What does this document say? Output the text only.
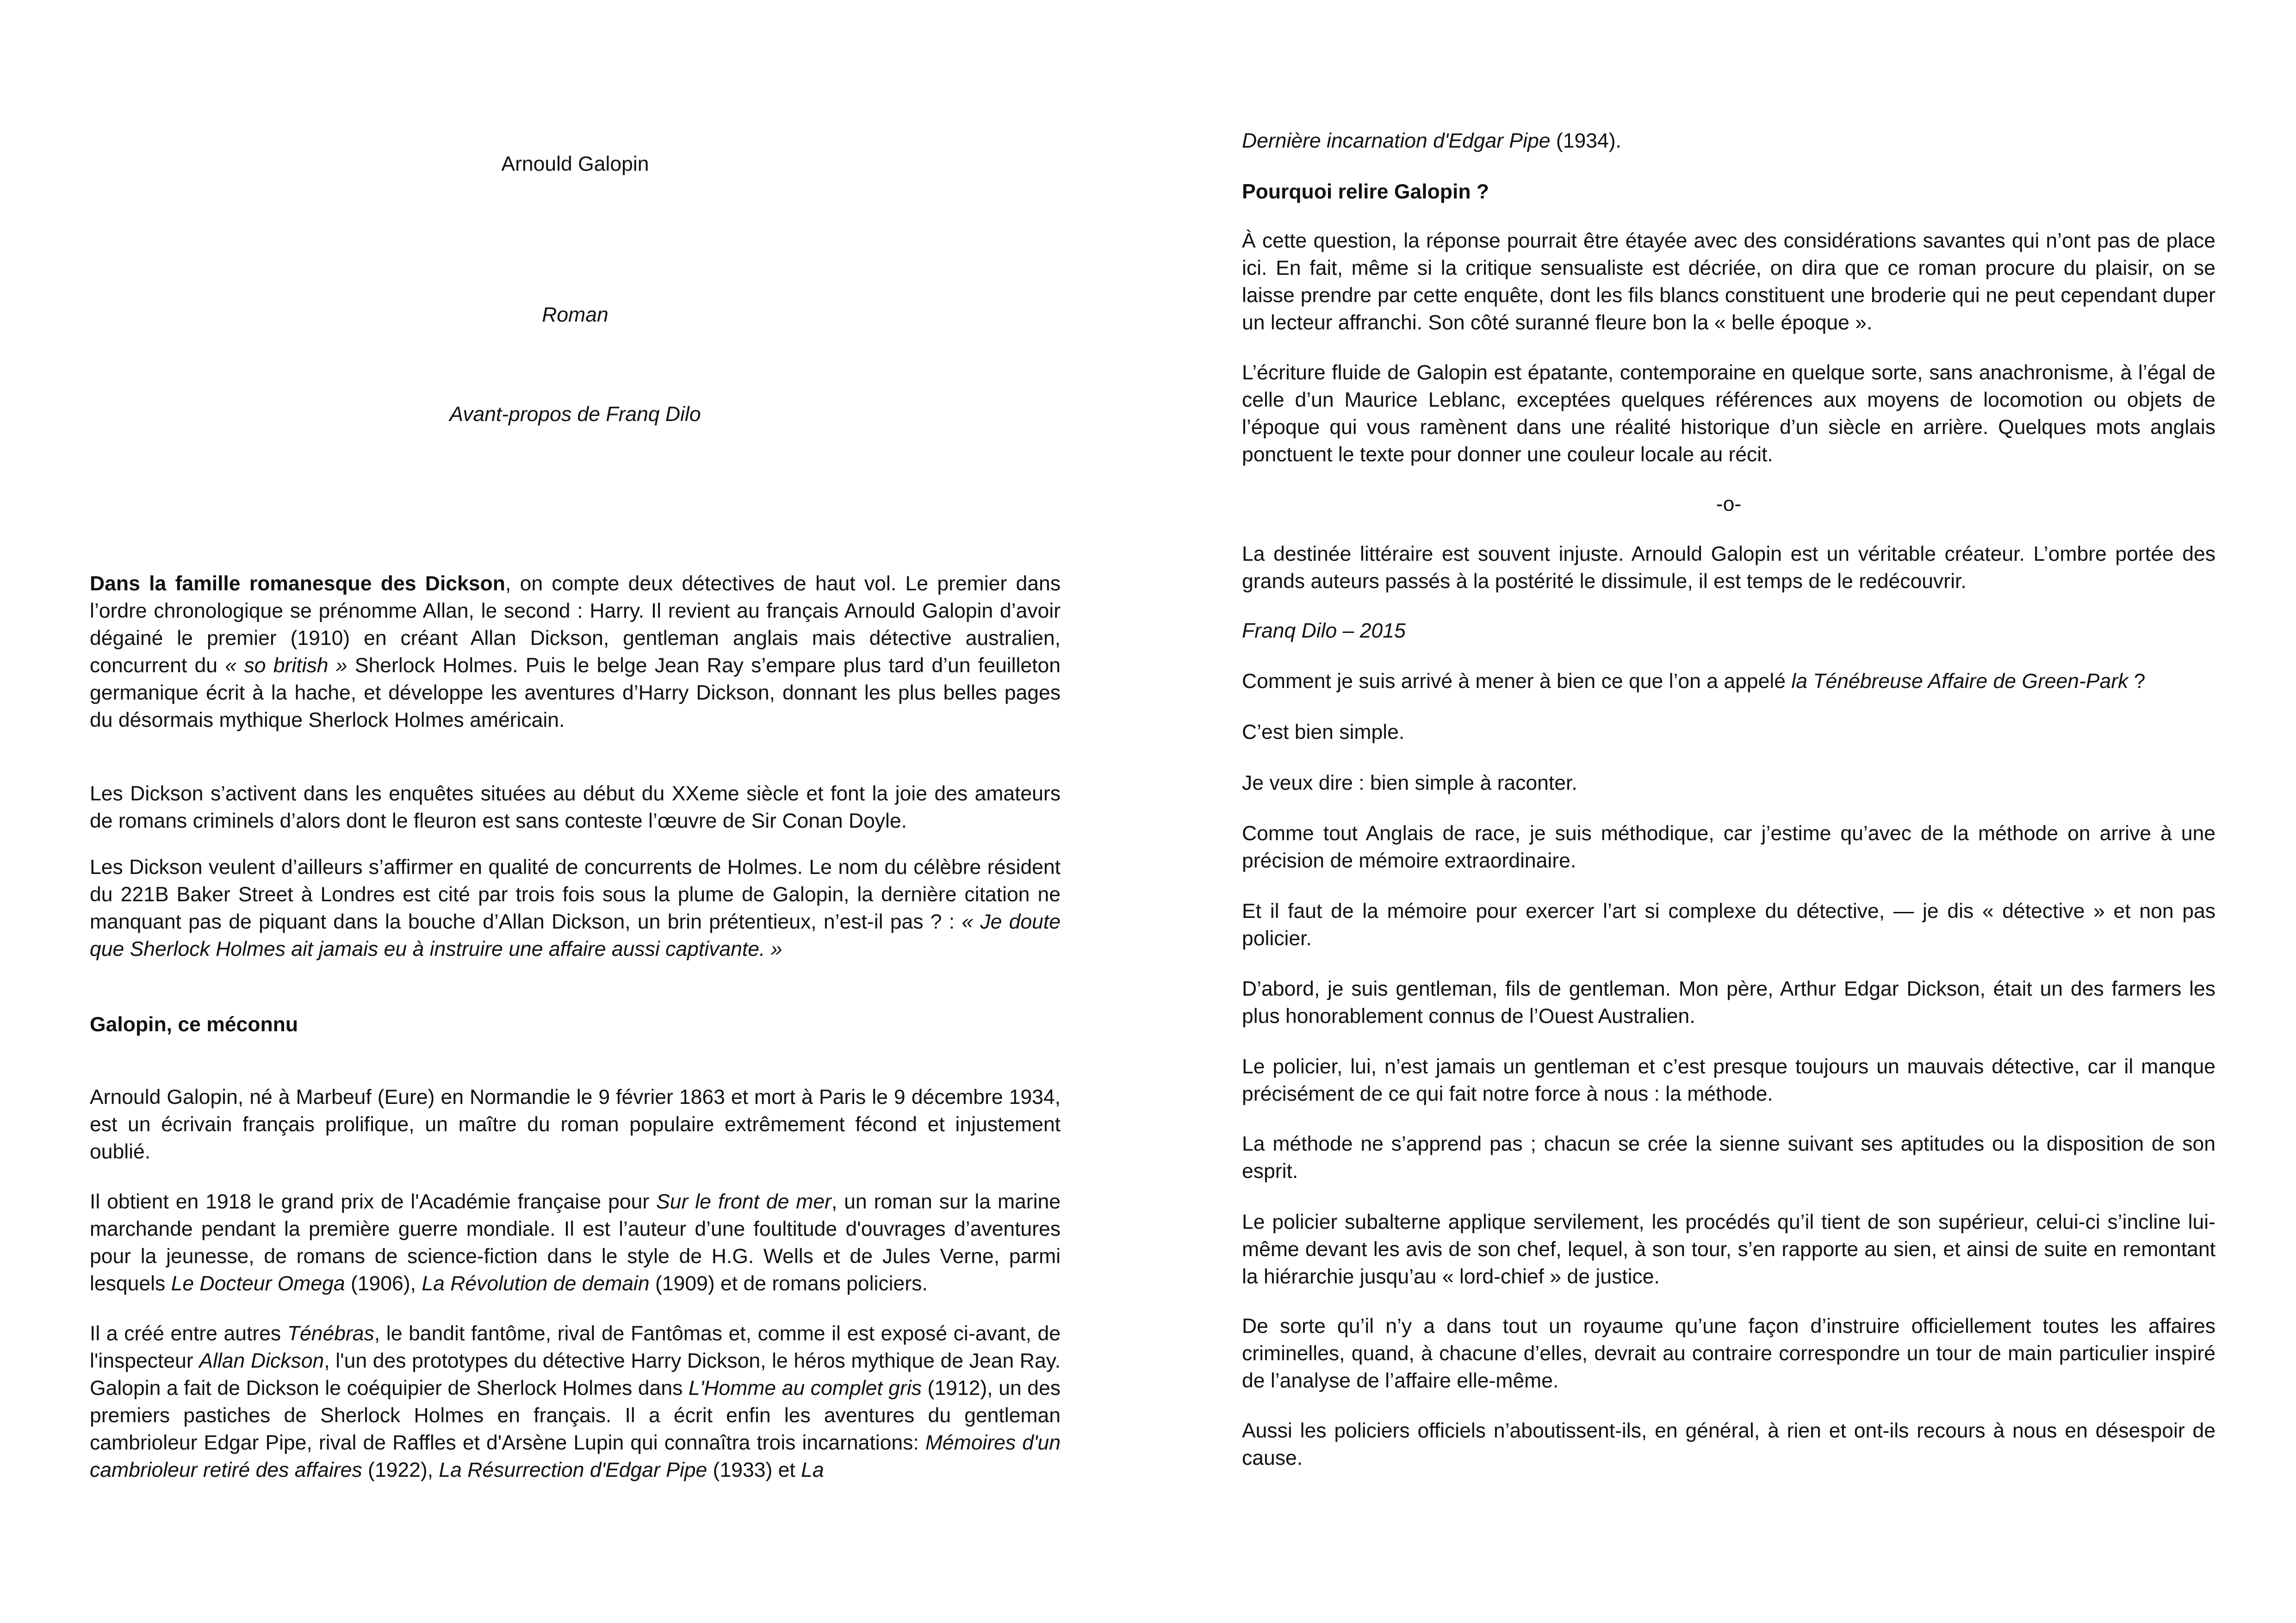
Arnould Galopin

Roman

Avant-propos de Franq Dilo

Dans la famille romanesque des Dickson, on compte deux détectives de haut vol. Le premier dans l’ordre chronologique se prénomme Allan, le second : Harry. Il revient au français Arnould Galopin d’avoir dégainé le premier (1910) en créant Allan Dickson, gentleman anglais mais détective australien, concurrent du « so british » Sherlock Holmes. Puis le belge Jean Ray s’empare plus tard d’un feuilleton germanique écrit à la hache, et développe les aventures d’Harry Dickson, donnant les plus belles pages du désormais mythique Sherlock Holmes américain.

Les Dickson s’activent dans les enquêtes situées au début du XXeme siècle et font la joie des amateurs de romans criminels d’alors dont le fleuron est sans conteste l’œuvre de Sir Conan Doyle.

Les Dickson veulent d’ailleurs s’affirmer en qualité de concurrents de Holmes. Le nom du célèbre résident du 221B Baker Street à Londres est cité par trois fois sous la plume de Galopin, la dernière citation ne manquant pas de piquant dans la bouche d’Allan Dickson, un brin prétentieux, n’est-il pas ? : « Je doute que Sherlock Holmes ait jamais eu à instruire une affaire aussi captivante. »

Galopin, ce méconnu

Arnould Galopin, né à Marbeuf (Eure) en Normandie le 9 février 1863 et mort à Paris le 9 décembre 1934, est un écrivain français prolifique, un maître du roman populaire extrêmement fécond et injustement oublié.

Il obtient en 1918 le grand prix de l'Académie française pour Sur le front de mer, un roman sur la marine marchande pendant la première guerre mondiale. Il est l’auteur d’une foultitude d'ouvrages d’aventures pour la jeunesse, de romans de science-fiction dans le style de H.G. Wells et de Jules Verne, parmi lesquels Le Docteur Omega (1906), La Révolution de demain (1909) et de romans policiers.

Il a créé entre autres Ténébras, le bandit fantôme, rival de Fantômas et, comme il est exposé ci-avant, de l'inspecteur Allan Dickson, l'un des prototypes du détective Harry Dickson, le héros mythique de Jean Ray. Galopin a fait de Dickson le coéquipier de Sherlock Holmes dans L'Homme au complet gris (1912), un des premiers pastiches de Sherlock Holmes en français. Il a écrit enfin les aventures du gentleman cambrioleur Edgar Pipe, rival de Raffles et d'Arsène Lupin qui connaîtra trois incarnations: Mémoires d'un cambrioleur retiré des affaires (1922), La Résurrection d'Edgar Pipe (1933) et La

Dernière incarnation d'Edgar Pipe (1934).

Pourquoi relire Galopin ?

À cette question, la réponse pourrait être étayée avec des considérations savantes qui n’ont pas de place ici. En fait, même si la critique sensualiste est décriée, on dira que ce roman procure du plaisir, on se laisse prendre par cette enquête, dont les fils blancs constituent une broderie qui ne peut cependant duper un lecteur affranchi. Son côté suranné fleure bon la « belle époque ».

L’écriture fluide de Galopin est épatante, contemporaine en quelque sorte, sans anachronisme, à l’égal de celle d’un Maurice Leblanc, exceptées quelques références aux moyens de locomotion ou objets de l’époque qui vous ramènent dans une réalité historique d’un siècle en arrière. Quelques mots anglais ponctuent le texte pour donner une couleur locale au récit.

-o-

La destinée littéraire est souvent injuste. Arnould Galopin est un véritable créateur. L’ombre portée des grands auteurs passés à la postérité le dissimule, il est temps de le redécouvrir.

Franq Dilo – 2015

Comment je suis arrivé à mener à bien ce que l’on a appelé la Ténébreuse Affaire de Green-Park ?

C’est bien simple.

Je veux dire : bien simple à raconter.

Comme tout Anglais de race, je suis méthodique, car j’estime qu’avec de la méthode on arrive à une précision de mémoire extraordinaire.

Et il faut de la mémoire pour exercer l’art si complexe du détective, — je dis « détective » et non pas policier.

D’abord, je suis gentleman, fils de gentleman. Mon père, Arthur Edgar Dickson, était un des farmers les plus honorablement connus de l’Ouest Australien.

Le policier, lui, n’est jamais un gentleman et c’est presque toujours un mauvais détective, car il manque précisément de ce qui fait notre force à nous : la méthode.

La méthode ne s’apprend pas ; chacun se crée la sienne suivant ses aptitudes ou la disposition de son esprit.

Le policier subalterne applique servilement, les procédés qu’il tient de son supérieur, celui-ci s’incline lui-même devant les avis de son chef, lequel, à son tour, s’en rapporte au sien, et ainsi de suite en remontant la hiérarchie jusqu’au « lord-chief » de justice.

De sorte qu’il n’y a dans tout un royaume qu’une façon d’instruire officiellement toutes les affaires criminelles, quand, à chacune d’elles, devrait au contraire correspondre un tour de main particulier inspiré de l’analyse de l’affaire elle-même.

Aussi les policiers officiels n’aboutissent-ils, en général, à rien et ont-ils recours à nous en désespoir de cause.
